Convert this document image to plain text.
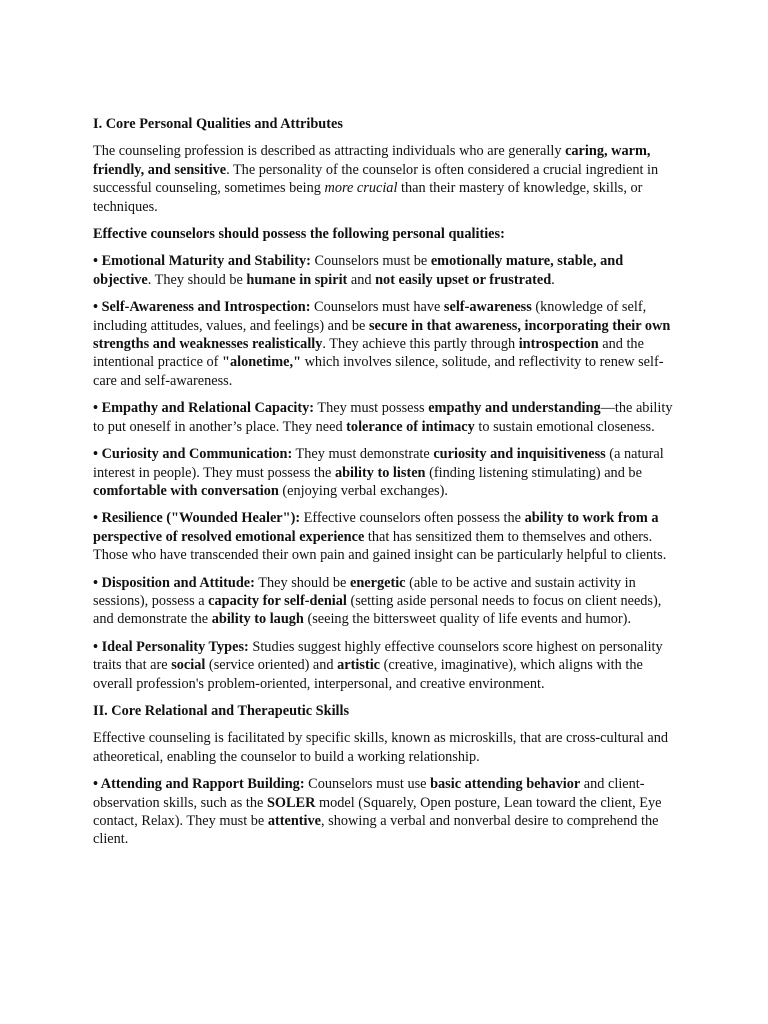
I. Core Personal Qualities and Attributes

The counseling profession is described as attracting individuals who are generally caring, warm, friendly, and sensitive. The personality of the counselor is often considered a crucial ingredient in successful counseling, sometimes being more crucial than their mastery of knowledge, skills, or techniques.

Effective counselors should possess the following personal qualities:

• Emotional Maturity and Stability: Counselors must be emotionally mature, stable, and objective. They should be humane in spirit and not easily upset or frustrated.

• Self-Awareness and Introspection: Counselors must have self-awareness (knowledge of self, including attitudes, values, and feelings) and be secure in that awareness, incorporating their own strengths and weaknesses realistically. They achieve this partly through introspection and the intentional practice of "alonetime," which involves silence, solitude, and reflectivity to renew self-care and self-awareness.

• Empathy and Relational Capacity: They must possess empathy and understanding—the ability to put oneself in another’s place. They need tolerance of intimacy to sustain emotional closeness.

• Curiosity and Communication: They must demonstrate curiosity and inquisitiveness (a natural interest in people). They must possess the ability to listen (finding listening stimulating) and be comfortable with conversation (enjoying verbal exchanges).

• Resilience ("Wounded Healer"): Effective counselors often possess the ability to work from a perspective of resolved emotional experience that has sensitized them to themselves and others. Those who have transcended their own pain and gained insight can be particularly helpful to clients.

• Disposition and Attitude: They should be energetic (able to be active and sustain activity in sessions), possess a capacity for self-denial (setting aside personal needs to focus on client needs), and demonstrate the ability to laugh (seeing the bittersweet quality of life events and humor).

• Ideal Personality Types: Studies suggest highly effective counselors score highest on personality traits that are social (service oriented) and artistic (creative, imaginative), which aligns with the overall profession's problem-oriented, interpersonal, and creative environment.

II. Core Relational and Therapeutic Skills

Effective counseling is facilitated by specific skills, known as microskills, that are cross-cultural and atheoretical, enabling the counselor to build a working relationship.

• Attending and Rapport Building: Counselors must use basic attending behavior and client-observation skills, such as the SOLER model (Squarely, Open posture, Lean toward the client, Eye contact, Relax). They must be attentive, showing a verbal and nonverbal desire to comprehend the client.
